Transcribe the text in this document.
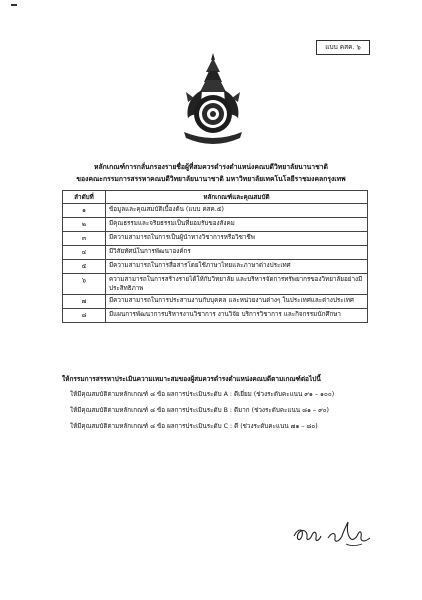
แบบ คสค. ๖
หลักเกณฑ์การกลั่นกรองรายชื่อผู้ที่สมควรดำรงตำแหน่งคณบดีวิทยาลัยนานาชาติ
ของคณะกรรมการสรรหาคณบดีวิทยาลัยนานาชาติ มหาวิทยาลัยเทคโนโลยีราชมงคลกรุงเทพ
ลำดับที่	หลักเกณฑ์และคุณสมบัติ
๑	ข้อมูลและคุณสมบัติเบื้องต้น (แบบ คสค.๕)
๒	มีคุณธรรมและจริยธรรมเป็นที่ยอมรับของสังคม
๓	มีความสามารถในการเป็นผู้นำทางวิชาการหรือวิชาชีพ
๔	มีวิสัยทัศน์ในการพัฒนาองค์กร
๕	มีความสามารถในการสื่อสารโดยใช้ภาษาไทยและภาษาต่างประเทศ
๖	ความสามารถในการสร้างรายได้ให้กับวิทยาลัย และบริหารจัดการทรัพยากรของวิทยาลัยอย่างมีประสิทธิภาพ
๗	มีความสามารถในการประสานงานกับบุคคล และหน่วยงานต่างๆ ในประเทศและต่างประเทศ
๘	มีแผนการพัฒนาการบริหารงานวิชาการ งานวิจัย บริการวิชาการ และกิจกรรมนักศึกษา
ให้กรรมการสรรหาประเมินความเหมาะสมของผู้สมควรดำรงตำแหน่งคณบดีตามเกณฑ์ต่อไปนี้
ให้มีคุณสมบัติตามหลักเกณฑ์ ๘ ข้อ ผลการประเมินระดับ A : ดีเยี่ยม (ช่วงระดับคะแนน ๙๑ – ๑๐๐)
ให้มีคุณสมบัติตามหลักเกณฑ์ ๘ ข้อ ผลการประเมินระดับ B : ดีมาก (ช่วงระดับคะแนน ๘๑ – ๙๐)
ให้มีคุณสมบัติตามหลักเกณฑ์ ๘ ข้อ ผลการประเมินระดับ C : ดี (ช่วงระดับคะแนน ๗๑ – ๘๐)
